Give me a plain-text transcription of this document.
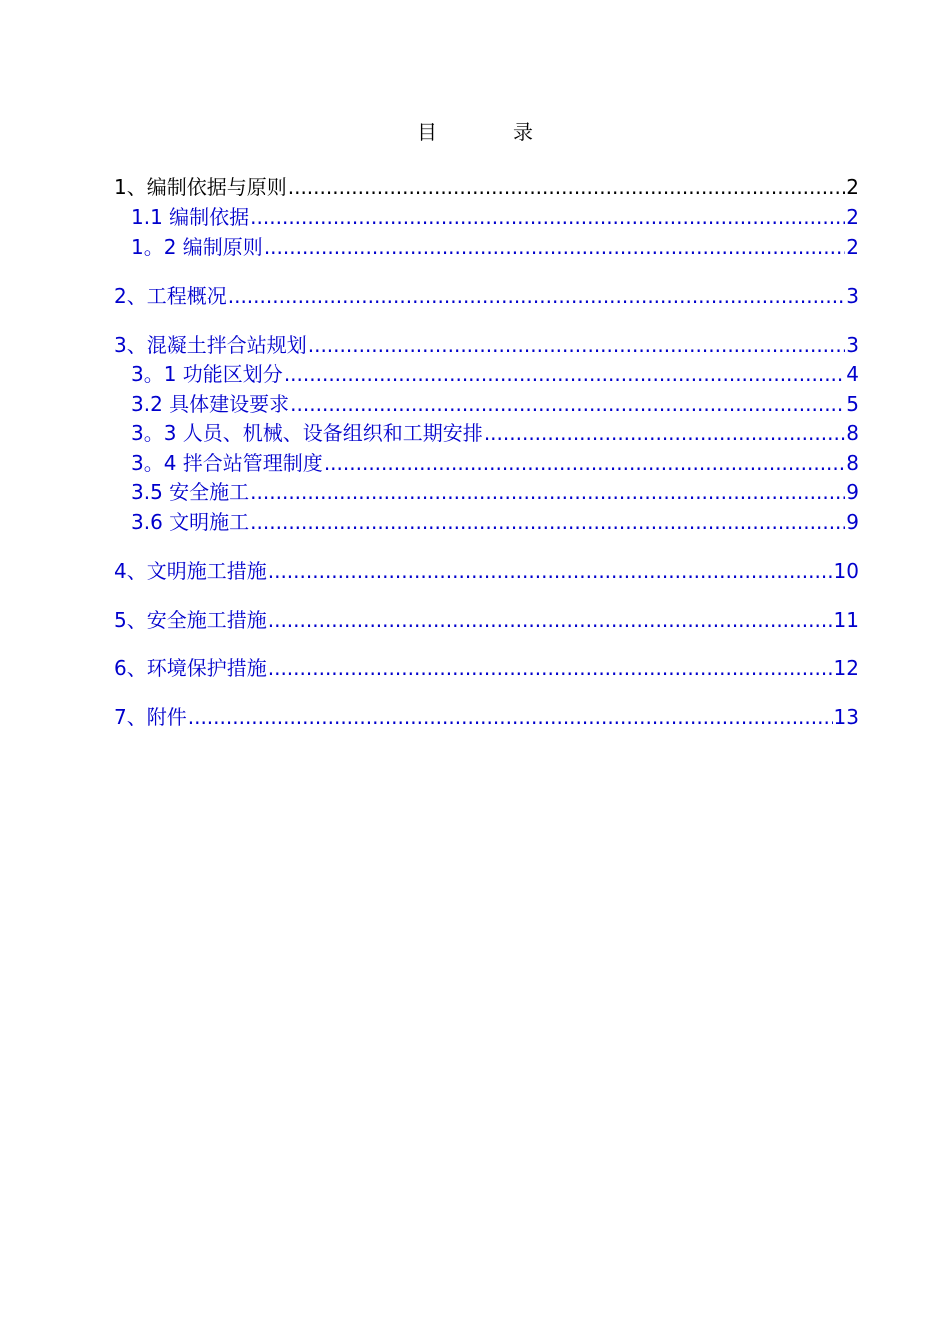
目　录
1、编制依据与原则 .....	2
1.1 编制依据 .....	2
1。2 编制原则 .....	2
2、工程概况 .....	3
3、混凝土拌合站规划 .....	3
3。1 功能区划分 .....	4
3.2 具体建设要求 .....	5
3。3 人员、机械、设备组织和工期安排 .....	8
3。4 拌合站管理制度 .....	8
3.5 安全施工 .....	9
3.6 文明施工 .....	9
4、文明施工措施 .....	10
5、安全施工措施 .....	11
6、环境保护措施 .....	12
7、附件 .....	13
